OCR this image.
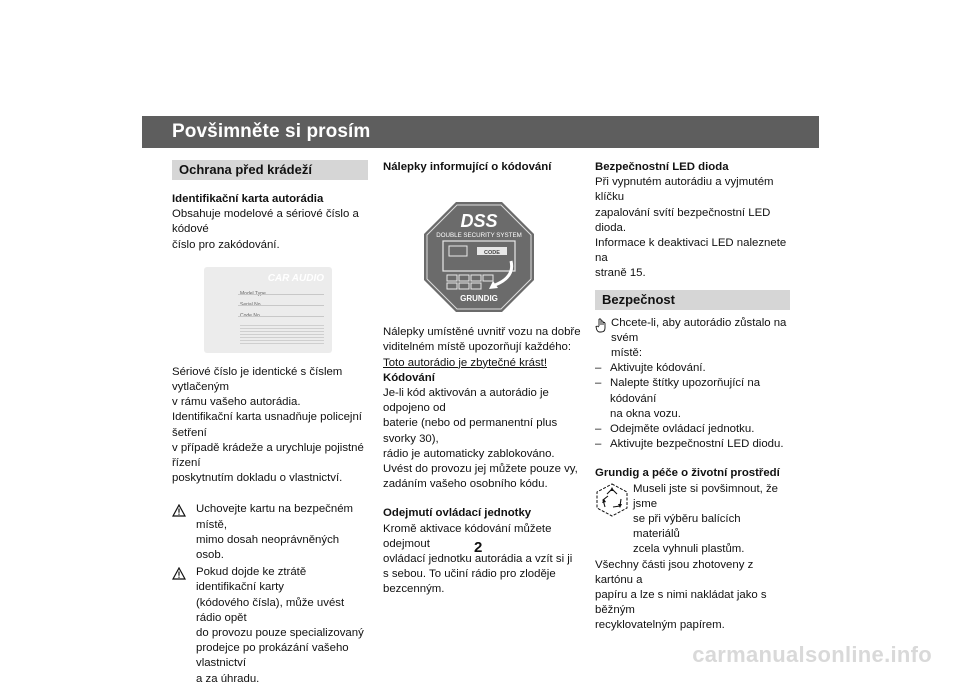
Povšimněte si prosím
Ochrana před krádeží

Identifikační karta autorádia

Obsahuje modelové a sériové číslo a kódové

číslo pro zakódování.

CAR AUDIO
Model Type
Serial No.
Code No.

Sériové číslo je identické s číslem vytlačeným

v rámu vašeho autorádia.

Identifikační karta usnadňuje policejní šetření

v případě krádeže a urychluje pojistné řízení

poskytnutím dokladu o vlastnictví.

Uchovejte kartu na bezpečném místě,

mimo dosah neoprávněných osob.

Pokud dojde ke ztrátě identifikační karty

(kódového čísla), může uvést rádio opět

do provozu pouze specializovaný

prodejce po prokázání vašeho vlastnictví

a za úhradu.

Nálepky informující o kódování

DSS
DOUBLE SECURITY SYSTEM
CODE
GRUNDIG

Nálepky umístěné uvnitř vozu na dobře

viditelném místě upozorňují každého:

Toto autorádio je zbytečné krást!

Kódování

Je-li kód aktivován a autorádio je odpojeno od

baterie (nebo od permanentní plus svorky 30),

rádio je automaticky zablokováno.

Uvést do provozu jej můžete pouze vy,

zadáním vašeho osobního kódu.

Odejmutí ovládací jednotky

Kromě aktivace kódování můžete odejmout

ovládací jednotku autorádia a vzít si ji

s sebou. To učiní rádio pro zloděje

bezcenným.

Bezpečnostní LED dioda

Při vypnutém autorádiu a vyjmutém klíčku

zapalování svítí bezpečnostní LED dioda.

Informace k deaktivaci LED naleznete na

straně 15.

Bezpečnost

Chcete-li, aby autorádio zůstalo na svém

místě:

– Aktivujte kódování.

– Nalepte štítky upozorňující na kódování

na okna vozu.

– Odejměte ovládací jednotku.

– Aktivujte bezpečnostní LED diodu.

Grundig a péče o životní prostředí

Museli jste si povšimnout, že jsme

se při výběru balících materiálů

zcela vyhnuli plastům.

Všechny části jsou zhotoveny z kartónu a

papíru a lze s nimi nakládat jako s běžným

recyklovatelným papírem.

2
carmanualsonline.info
